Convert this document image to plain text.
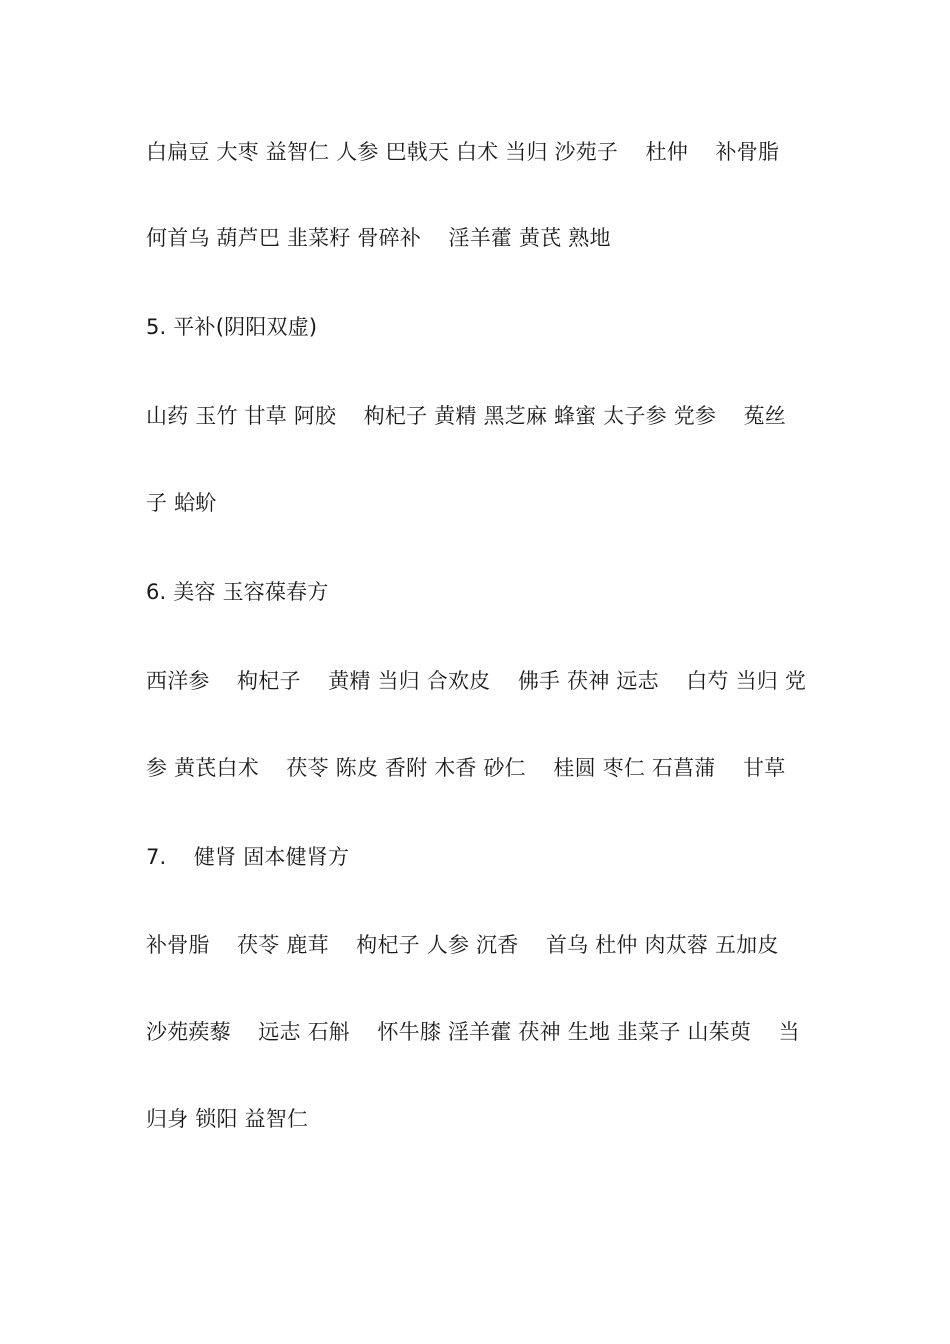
白扁豆 大枣 益智仁 人参 巴戟天 白术 当归 沙苑子    杜仲    补骨脂
何首乌 葫芦巴 韭菜籽 骨碎补    淫羊藿 黄芪 熟地
5. 平补(阴阳双虚)
山药 玉竹 甘草 阿胶    枸杞子 黄精 黑芝麻 蜂蜜 太子参 党参    菟丝
子 蛤蚧
6. 美容 玉容葆春方
西洋参    枸杞子    黄精 当归 合欢皮    佛手 茯神 远志    白芍 当归 党
参 黄芪白术    茯苓 陈皮 香附 木香 砂仁    桂圆 枣仁 石菖蒲    甘草
7.    健肾 固本健肾方
补骨脂    茯苓 鹿茸    枸杞子 人参 沉香    首乌 杜仲 肉苁蓉 五加皮
沙苑蒺藜    远志 石斛    怀牛膝 淫羊藿 茯神 生地 韭菜子 山茱萸    当
归身 锁阳 益智仁
